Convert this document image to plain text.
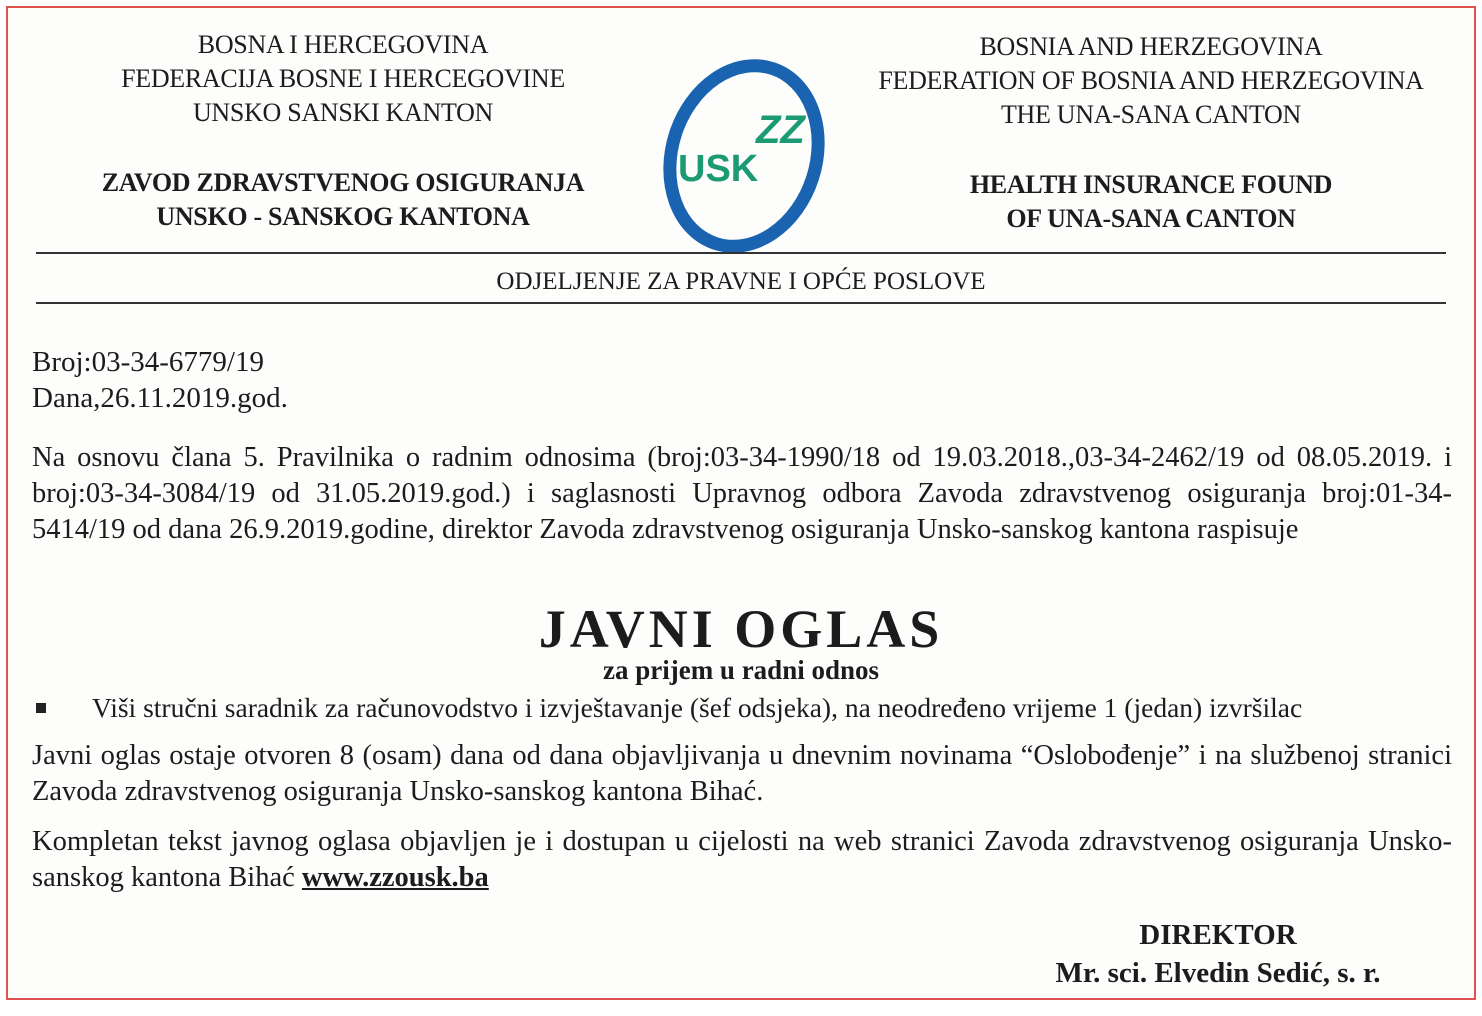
BOSNA I HERCEGOVINA
FEDERACIJA BOSNE I HERCEGOVINE
UNSKO SANSKI KANTON
ZAVOD ZDRAVSTVENOG OSIGURANJA
UNSKO - SANSKOG KANTONA
ZZ
USK
BOSNIA AND HERZEGOVINA
FEDERATION OF BOSNIA AND HERZEGOVINA
THE UNA-SANA CANTON
HEALTH INSURANCE FOUND
OF UNA-SANA CANTON
ODJELJENJE ZA PRAVNE I OPĆE POSLOVE
Broj:03-34-6779/19
Dana,26.11.2019.god.
Na osnovu člana 5. Pravilnika o radnim odnosima (broj:03-34-1990/18 od 19.03.2018.,03-34-2462/19 od 08.05.2019. i broj:03-34-3084/19 od 31.05.2019.god.) i saglasnosti Upravnog odbora Zavoda zdravstvenog osiguranja broj:01-34-5414/19 od dana 26.9.2019.godine, direktor Zavoda zdravstvenog osiguranja Unsko-sanskog kantona raspisuje
JAVNI OGLAS
za prijem u radni odnos
Viši stručni saradnik za računovodstvo i izvještavanje (šef odsjeka), na neodređeno vrijeme 1 (jedan) izvršilac
Javni oglas ostaje otvoren 8 (osam) dana od dana objavljivanja u dnevnim novinama “Oslobođenje” i na službenoj stranici Zavoda zdravstvenog osiguranja Unsko-sanskog kantona Bihać.
Kompletan tekst javnog oglasa objavljen je i dostupan u cijelosti na web stranici Zavoda zdravstvenog osiguranja Unsko-sanskog kantona Bihać www.zzousk.ba
DIREKTOR
Mr. sci. Elvedin Sedić, s. r.
